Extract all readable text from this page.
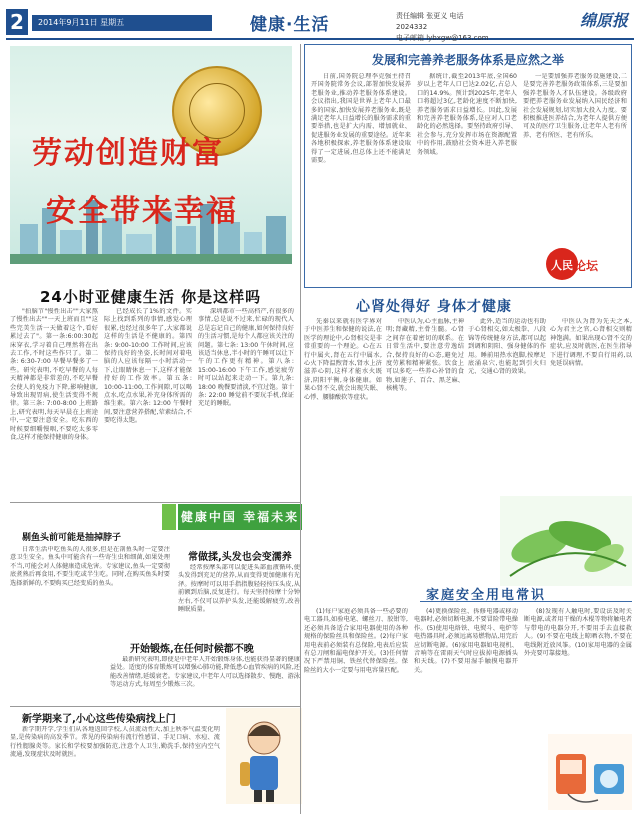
2	2014年9月11日 星期五	健康·生活	责任编辑 张更义 电话 2024332
电子邮箱 lybxgw@163.com
绵原报
劳动创造财富
安全带来幸福
24小时亚健康生活 你是这样吗

"拍脑节"慢性出击""大家熬了慢性出去""一天上班而且""这些完美生活一天做着这个,看好累过去了"。第一条:6:00:30起床穿衣,学习着自己理然将在出去工作,不时这些作只了。第二条: 6:30-7:00 早餐早餐多了一些。研究表明,不吃早餐的人每天精神都是非常差的,不吃早餐会使人的免疫力下降,影响健康,导致出现胃病,使生活变得不规律。第三条: 7:00-8:00 上班路上,研究表明,每天早晨在上班途中,一定要注意安全。吃东西的时候要细嚼慢咽,不要吃太多零食,这样才能保持健康的身体。

已经成长了1%的文件。实际上找到系列的事情,感觉心理很累,也经过很多年了,大家都说这样的生活是不健康的。第四条: 9:00-10:00 工作时间,应该保持良好的坐姿,长时间对着电脑的人应该每隔一小时活动一下,让眼睛休息一下,这样才能保持好的工作效率。第五条: 10:00-11:00,工作间隙,可以喝点水,吃点水果,补充身体所需的维生素。第六条: 12:00 午餐时间,要注意营养搭配,荤素结合,不要吃得太饱。

深圳都市一些高档产,有很多的事情,总是说不过来,忙碌的现代人总是忘记自己的健康,如何保持良好的生活习惯,是每个人都应该关注的问题。第七条: 13:00 午休时间,应该适当休息,半小时的午睡可以让下午的工作更有精神。第八条: 15:00-16:00 下午工作,感觉疲劳时可以站起来走动一下。第九条: 18:00 晚餐要清淡,不宜过饱。第十条: 22:00 睡觉前不要玩手机,保证充足的睡眠。

发展和完善养老服务体系是应然之举

日前,国务院总理李克强主持召开国务院常务会议,部署加快发展养老服务业,推动养老服务体系建设。会议指出,我国是世界上老年人口最多的国家,加快发展养老服务业,既是满足老年人日益增长的服务需求的重要举措,也是扩大内需、增加就业、促进服务业发展的重要途径。近年来各地积极探索,养老服务体系建设取得了一定进展,但总体上还不能满足需要。

据统计,截至2013年底,全国60岁以上老年人口已达2.02亿,占总人口的14.9%。预计到2025年,老年人口将超过3亿,老龄化速度不断加快,养老服务需求日益增长。因此,发展和完善养老服务体系,是应对人口老龄化的必然选择。要坚持政府引导、社会参与,充分发挥市场在资源配置中的作用,鼓励社会资本进入养老服务领域。

一是要加强养老服务设施建设,二是要完善养老服务政策体系,三是要加强养老服务人才队伍建设。各级政府要把养老服务业发展纳入国民经济和社会发展规划,切实加大投入力度。要积极推进医养结合,为老年人提供方便可及的医疗卫生服务,让老年人老有所养、老有所医、老有所乐。

人民 论坛
心肾处得好 身体才健康

先秦以来就有医学界对于中医养生和保健的说法,在医学的理论中,心肾相交是非常重要的一个理论。心在五行中属火,肾在五行中属水,心火下降温煦肾水,肾水上济滋养心阴,这样才能水火既济,阴阳平衡,身体健康。如果心肾不交,就会出现失眠、心悸、腰膝酸软等症状。

中医认为,心主血脉,主神明;肾藏精,主骨生髓。心肾之间存在着密切的联系。在日常生活中,要注意劳逸结合,保持良好的心态,避免过度劳累和精神紧张。饮食上可以多吃一些养心补肾的食物,如莲子、百合、黑芝麻、核桃等。

此外,适当的运动也有助于心肾相交,如太极拳、八段锦等传统健身方法,都可以起到调和阴阳、强身健体的作用。睡前用热水泡脚,按摩足底涌泉穴,也能起到引火归元、交通心肾的效果。

中医认为肾为先天之本,心为君主之官,心肾相交则精神饱满。如果出现心肾不交的症状,应及时就医,在医生指导下进行调理,不要自行用药,以免延误病情。

健康中国 幸福未来
剔鱼头前可能是抽掉脖子

日常生活中吃鱼头的人很多,但是在剖鱼头时一定要注意卫生安全。鱼头中可能含有一些寄生虫和细菌,如果处理不当,可能会对人体健康造成危害。专家建议,鱼头一定要彻底煮熟后再食用,不要生吃或半生吃。同时,在购买鱼头时要选择新鲜的,不要购买已经变质的鱼头。

常做揉,头发也会变濡养

经常按摩头部可以促进头部血液循环,使头发得到充足的营养,从而变得更加健康有光泽。按摩时可以用手指指腹轻轻按压头皮,从前额到后脑,反复进行。每天坚持按摩十分钟左右,不仅可以养护头发,还能缓解疲劳,改善睡眠质量。

开始锻炼,在任何时候都不晚

最新研究表明,即使是中老年人开始锻炼身体,也能获得显著的健康益处。适度的体育锻炼可以增强心肺功能,降低患心血管疾病的风险,还能改善情绪,延缓衰老。专家建议,中老年人可以选择散步、慢跑、游泳等运动方式,每周至少锻炼三次。

新学期来了,小心这些传染病找上门

新学期开学,学生们从各地返回学校,人员流动性大,加上秋季气温变化明显,是传染病的高发季节。常见的传染病有流行性感冒、手足口病、水痘、流行性腮腺炎等。家长和学校要加强防范,注意个人卫生,勤洗手,保持室内空气流通,发现症状及时就医。

家庭安全用电常识

(1)每户家庭必须具备一些必要的电工器具,如验电笔、螺丝刀、胶钳等,还必须具备适合家用电器使用的各种规格的保险丝具和保险丝。(2)每户家用电表前必须装有总保险,电表后应装有总刀闸和漏电保护开关。(3)任何情况下严禁用铜、铁丝代替保险丝。保险丝的大小一定要与用电容量匹配。

(4)更换保险丝、拆修电器或移动电器时,必须切断电源,不要冒险带电操作。(5)使用电烙铁、电熨斗、电炉等电热器具时,必须远离易燃物品,用完后应切断电源。(6)家用电器如电视机、音响等在雷雨天气时应拔掉电源插头和天线。(7)不要用湿手触摸电器开关。

(8)发现有人触电时,要设法及时关断电源,或者用干燥的木棍等物将触电者与带电的电器分开,不要用手去直接救人。(9)不要在电线上晾晒衣物,不要在电线附近放风筝。(10)家用电器的金属外壳要可靠接地。
